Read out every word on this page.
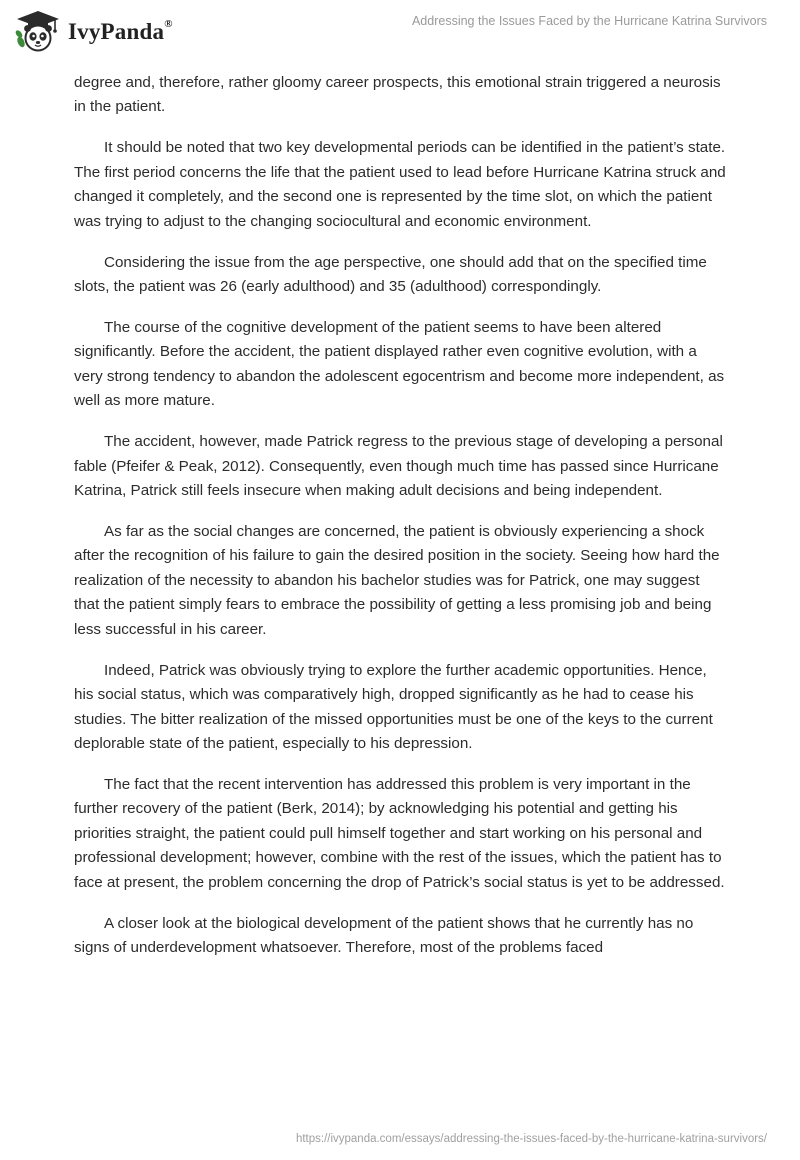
IvyPanda®	Addressing the Issues Faced by the Hurricane Katrina Survivors

degree and, therefore, rather gloomy career prospects, this emotional strain triggered a neurosis in the patient.

It should be noted that two key developmental periods can be identified in the patient’s state. The first period concerns the life that the patient used to lead before Hurricane Katrina struck and changed it completely, and the second one is represented by the time slot, on which the patient was trying to adjust to the changing sociocultural and economic environment.

Considering the issue from the age perspective, one should add that on the specified time slots, the patient was 26 (early adulthood) and 35 (adulthood) correspondingly.

The course of the cognitive development of the patient seems to have been altered significantly. Before the accident, the patient displayed rather even cognitive evolution, with a very strong tendency to abandon the adolescent egocentrism and become more independent, as well as more mature.

The accident, however, made Patrick regress to the previous stage of developing a personal fable (Pfeifer & Peak, 2012). Consequently, even though much time has passed since Hurricane Katrina, Patrick still feels insecure when making adult decisions and being independent.

As far as the social changes are concerned, the patient is obviously experiencing a shock after the recognition of his failure to gain the desired position in the society. Seeing how hard the realization of the necessity to abandon his bachelor studies was for Patrick, one may suggest that the patient simply fears to embrace the possibility of getting a less promising job and being less successful in his career.

Indeed, Patrick was obviously trying to explore the further academic opportunities. Hence, his social status, which was comparatively high, dropped significantly as he had to cease his studies. The bitter realization of the missed opportunities must be one of the keys to the current deplorable state of the patient, especially to his depression.

The fact that the recent intervention has addressed this problem is very important in the further recovery of the patient (Berk, 2014); by acknowledging his potential and getting his priorities straight, the patient could pull himself together and start working on his personal and professional development; however, combine with the rest of the issues, which the patient has to face at present, the problem concerning the drop of Patrick’s social status is yet to be addressed.

A closer look at the biological development of the patient shows that he currently has no signs of underdevelopment whatsoever. Therefore, most of the problems faced

https://ivypanda.com/essays/addressing-the-issues-faced-by-the-hurricane-katrina-survivors/
